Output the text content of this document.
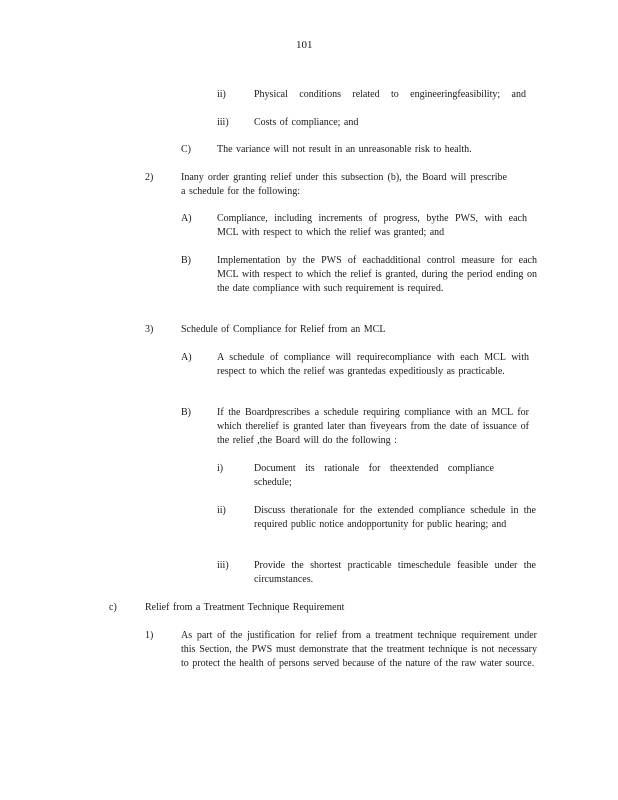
101
ii)	Physical conditions related to engineeringfeasibility; and
iii)	Costs of compliance; and
C)	The variance will not result in an unreasonable risk to health.
2)	Inany order granting relief under this subsection (b), the Board will prescribe a schedule for the following:
A)	Compliance, including increments of progress, bythe PWS, with each MCL with respect to which the relief was granted; and
B)	Implementation by the PWS of eachadditional control measure for each MCL with respect to which the relief is granted, during the period ending on the date compliance with such requirement is required.
3)	Schedule of Compliance for Relief from an MCL
A)	A schedule of compliance will requirecompliance with each MCL with respect to which the relief was grantedas expeditiously as practicable.
B)	If the Boardprescribes a schedule requiring compliance with an MCL for which therelief is granted later than fiveyears from the date of issuance of the relief ,the Board will do the following :
i)	Document its rationale for theextended compliance schedule;
ii)	Discuss therationale for the extended compliance schedule in the required public notice andopportunity for public hearing; and
iii)	Provide the shortest practicable timeschedule feasible under the circumstances.
c)	Relief from a Treatment Technique Requirement
1)	As part of the justification for relief from a treatment technique requirement under this Section, the PWS must demonstrate that the treatment technique is not necessary to protect the health of persons served because of the nature of the raw water source.
